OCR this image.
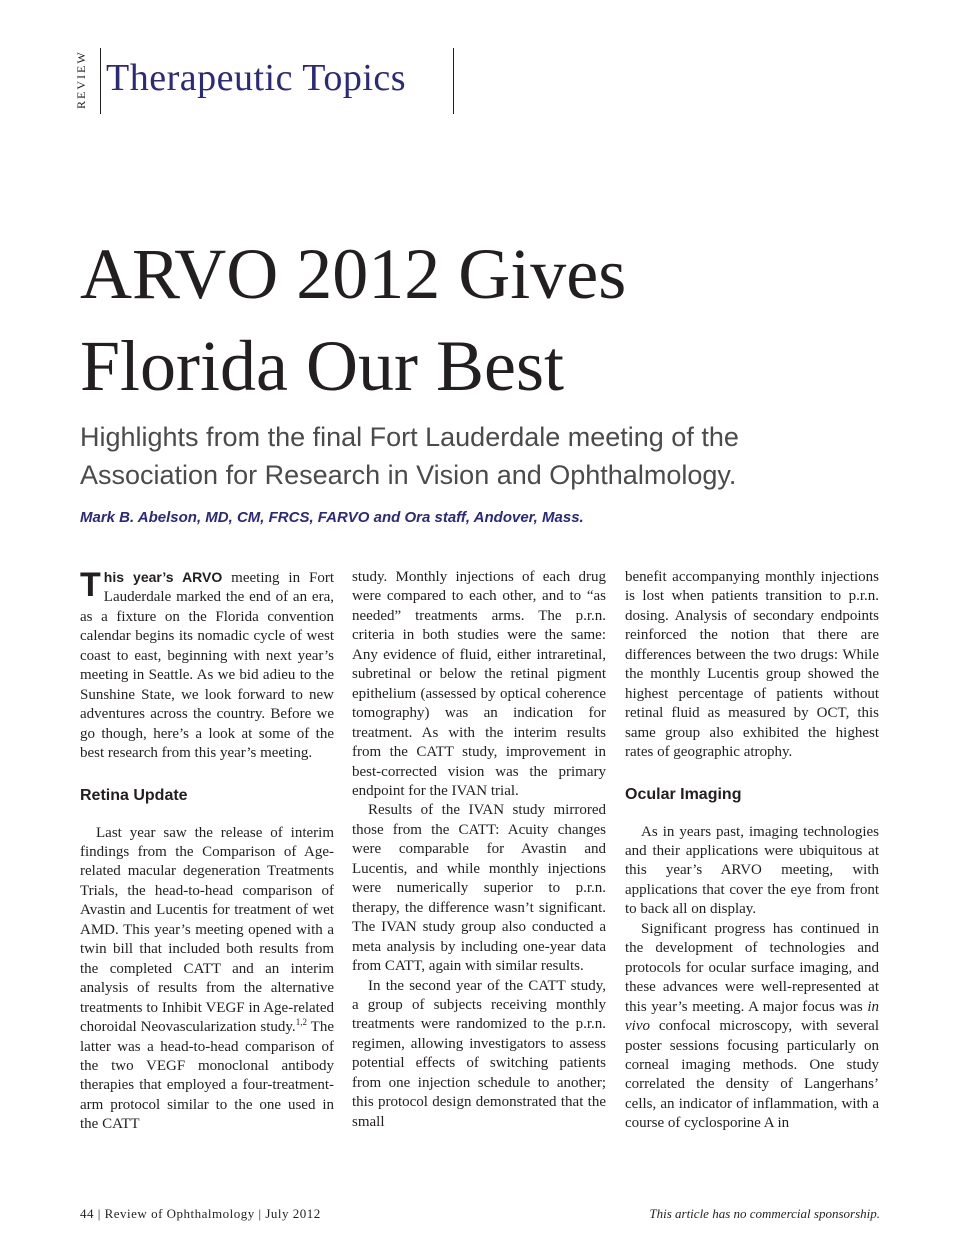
REVIEW Therapeutic Topics
ARVO 2012 Gives
Florida Our Best
Highlights from the final Fort Lauderdale meeting of the
Association for Research in Vision and Ophthalmology.
Mark B. Abelson, MD, CM, FRCS, FARVO and Ora staff, Andover, Mass.

This year’s ARVO meeting in Fort Lauderdale marked the end of an era, as a fixture on the Florida convention calendar begins its nomadic cycle of west coast to east, beginning with next year’s meeting in Seattle. As we bid adieu to the Sunshine State, we look forward to new adventures across the country. Before we go though, here’s a look at some of the best research from this year’s meeting.

Retina Update

Last year saw the release of interim findings from the Comparison of Age-related macular degeneration Treatments Trials, the head-to-head comparison of Avastin and Lucentis for treatment of wet AMD. This year’s meeting opened with a twin bill that included both results from the completed CATT and an interim analysis of results from the alternative treatments to Inhibit VEGF in Age-related choroidal Neovascularization study.$^{1,2}$ The latter was a head-to-head comparison of the two VEGF monoclonal antibody therapies that employed a four-treatment-arm protocol similar to the one used in the CATT

study. Monthly injections of each drug were compared to each other, and to “as needed” treatments arms. The p.r.n. criteria in both studies were the same: Any evidence of fluid, either intraretinal, subretinal or below the retinal pigment epithelium (assessed by optical coherence tomography) was an indication for treatment. As with the interim results from the CATT study, improvement in best-corrected vision was the primary endpoint for the IVAN trial.

Results of the IVAN study mirrored those from the CATT: Acuity changes were comparable for Avastin and Lucentis, and while monthly injections were numerically superior to p.r.n. therapy, the difference wasn’t significant. The IVAN study group also conducted a meta analysis by including one-year data from CATT, again with similar results.

In the second year of the CATT study, a group of subjects receiving monthly treatments were randomized to the p.r.n. regimen, allowing investigators to assess potential effects of switching patients from one injection schedule to another; this protocol design demonstrated that the small

benefit accompanying monthly injections is lost when patients transition to p.r.n. dosing. Analysis of secondary endpoints reinforced the notion that there are differences between the two drugs: While the monthly Lucentis group showed the highest percentage of patients without retinal fluid as measured by OCT, this same group also exhibited the highest rates of geographic atrophy.

Ocular Imaging

As in years past, imaging technologies and their applications were ubiquitous at this year’s ARVO meeting, with applications that cover the eye from front to back all on display.

Significant progress has continued in the development of technologies and protocols for ocular surface imaging, and these advances were well-represented at this year’s meeting. A major focus was in vivo confocal microscopy, with several poster sessions focusing particularly on corneal imaging methods. One study correlated the density of Langerhans’ cells, an indicator of inflammation, with a course of cyclosporine A in

44 | Review of Ophthalmology | July 2012	This article has no commercial sponsorship.
